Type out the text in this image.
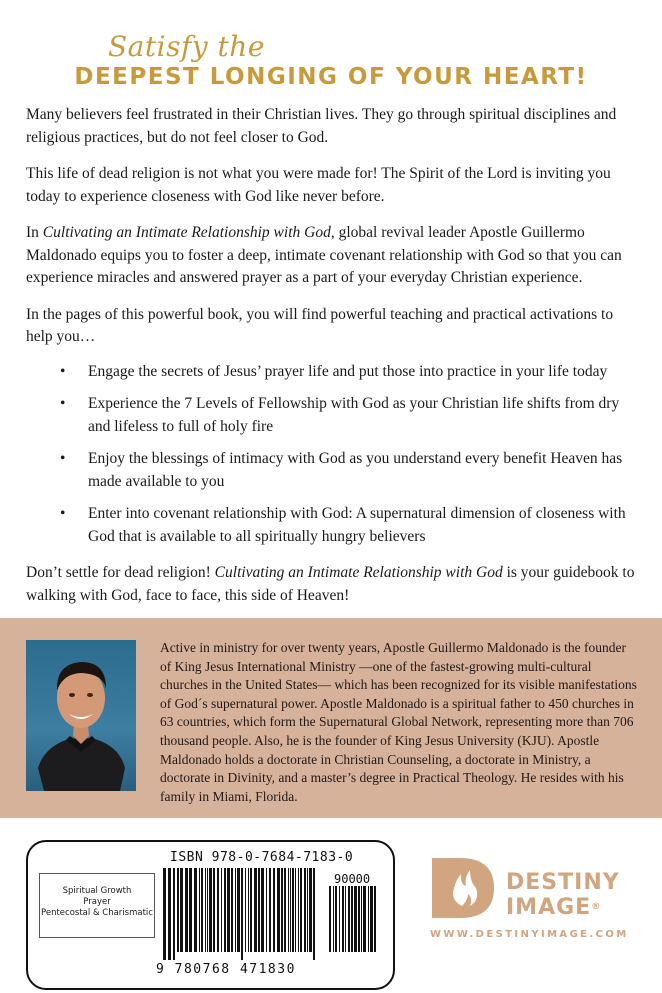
Satisfy the
DEEPEST LONGING OF YOUR HEART!

Many believers feel frustrated in their Christian lives. They go through spiritual disciplines and religious practices, but do not feel closer to God.

This life of dead religion is not what you were made for! The Spirit of the Lord is inviting you today to experience closeness with God like never before.

In Cultivating an Intimate Relationship with God, global revival leader Apostle Guillermo Maldonado equips you to foster a deep, intimate covenant relationship with God so that you can experience miracles and answered prayer as a part of your everyday Christian experience.

In the pages of this powerful book, you will find powerful teaching and practical activations to help you…

• Engage the secrets of Jesus’ prayer life and put those into practice in your life today
• Experience the 7 Levels of Fellowship with God as your Christian life shifts from dry and lifeless to full of holy fire
• Enjoy the blessings of intimacy with God as you understand every benefit Heaven has made available to you
• Enter into covenant relationship with God: A supernatural dimension of closeness with God that is available to all spiritually hungry believers

Don’t settle for dead religion! Cultivating an Intimate Relationship with God is your guidebook to walking with God, face to face, this side of Heaven!

Active in ministry for over twenty years, Apostle Guillermo Maldonado is the founder of King Jesus International Ministry —one of the fastest-growing multi-cultural churches in the United States— which has been recognized for its visible manifestations of God´s supernatural power. Apostle Maldonado is a spiritual father to 450 churches in 63 countries, which form the Supernatural Global Network, representing more than 706 thousand people. Also, he is the founder of King Jesus University (KJU). Apostle Maldonado holds a doctorate in Christian Counseling, a doctorate in Ministry, a doctorate in Divinity, and a master’s degree in Practical Theology. He resides with his family in Miami, Florida.
Spiritual Growth
Prayer
Pentecostal & Charismatic
ISBN 978-0-7684-7183-0
90000
9 780768 471830
DESTINY
IMAGE®
WWW.DESTINYIMAGE.COM
